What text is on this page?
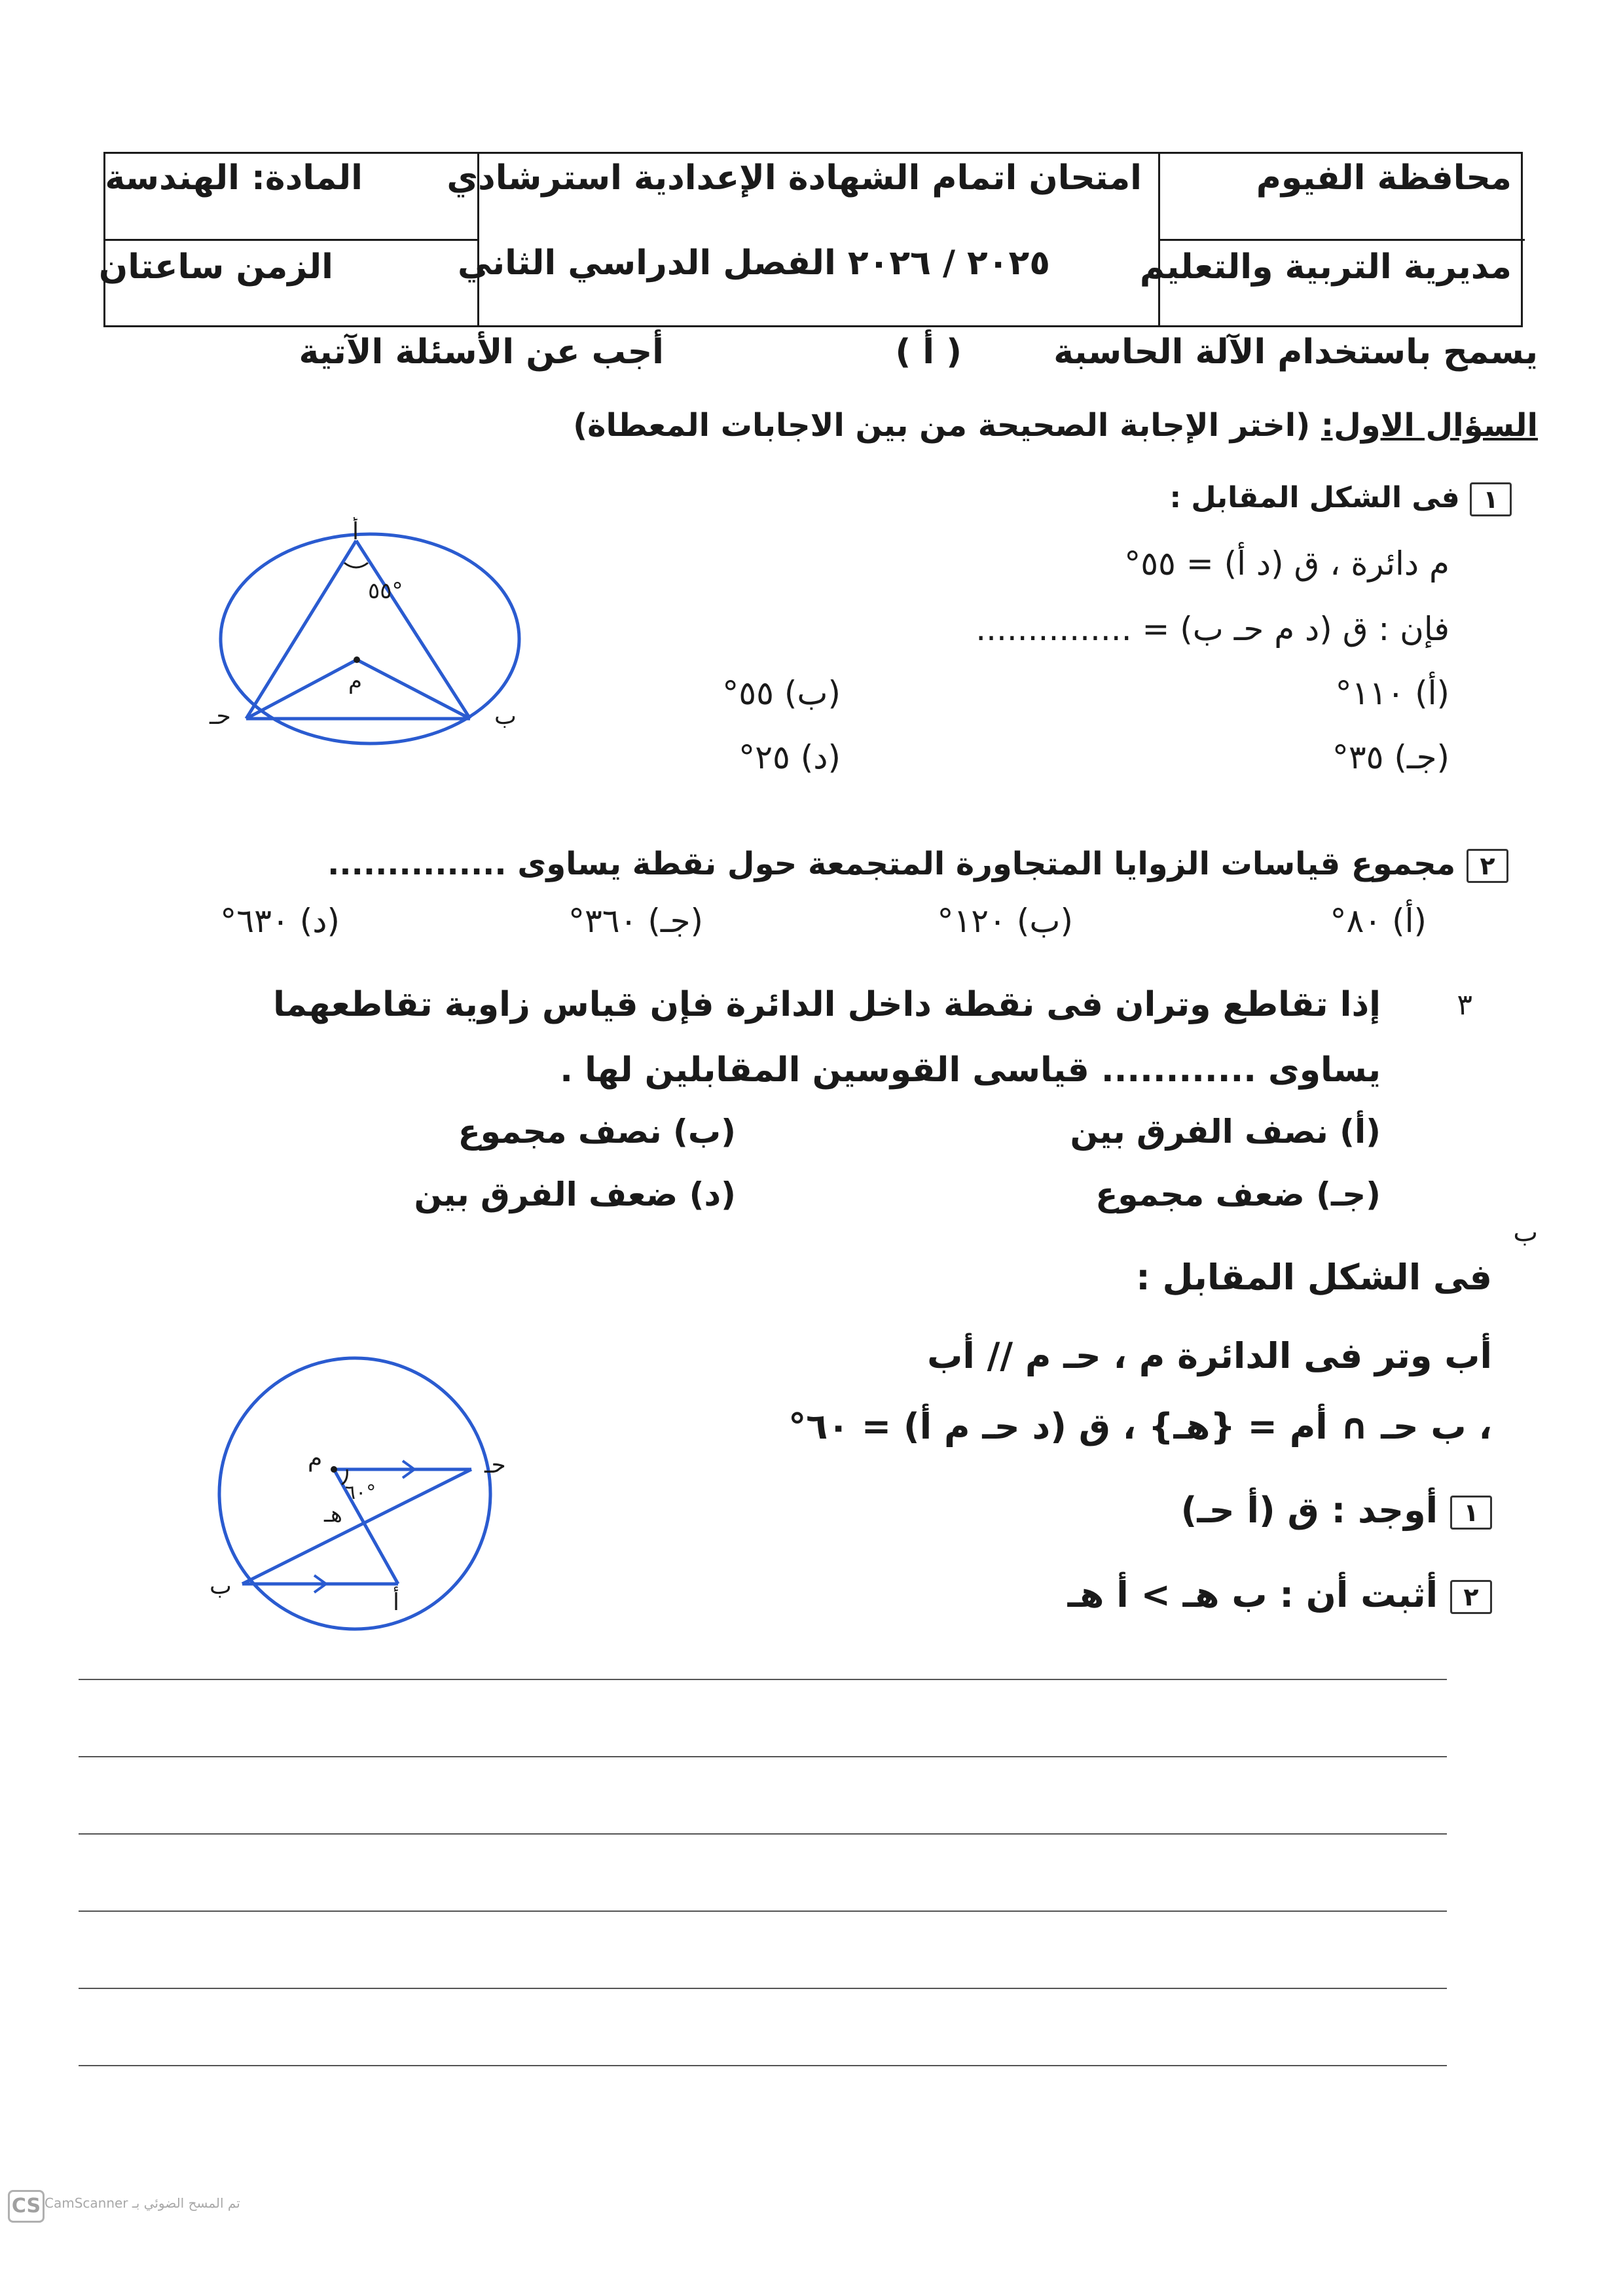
محافظة الفيوم
مديرية التربية والتعليم
امتحان اتمام الشهادة الإعدادية استرشادي
٢٠٢٥ / ٢٠٢٦ الفصل الدراسي الثاني
المادة: الهندسة
الزمن ساعتان
يسمح باستخدام الآلة الحاسبة
( أ )
أجب عن الأسئلة الآتية
السؤال الاول: (اختر الإجابة الصحيحة من بين الاجابات المعطاة)
١ فى الشكل المقابل :
م دائرة ، ق (د أ) = ٥٥°
فإن : ق (د م حـ ب) = ...............
(أ) ١١٠°
(ب) ٥٥°
(جـ) ٣٥°
(د) ٢٥°
أ
م
ب
حـ
٥٥°
٢ مجموع قياسات الزوايا المتجاورة المتجمعة حول نقطة يساوى ...............
(أ) ٨٠°
(ب) ١٢٠°
(جـ) ٣٦٠°
(د) ٦٣٠°
٣
إذا تقاطع وتران فى نقطة داخل الدائرة فإن قياس زاوية تقاطعهما
يساوى ............ قياسى القوسين المقابلين لها .
(أ) نصف الفرق بين
(ب) نصف مجموع
(جـ) ضعف مجموع
(د) ضعف الفرق بين
ب
فى الشكل المقابل :
أب وتر فى الدائرة م ، حـ م // أب
، ب حـ ∩ أم = {هـ} ، ق (د حـ م أ) = ٦٠°
١ أوجد : ق (أ حـ)
٢ أثبت أن : ب هـ > أ هـ
م	حـ
ب
أ
هـ
٦٠°
CS تم المسح الضوئي بـ CamScanner
